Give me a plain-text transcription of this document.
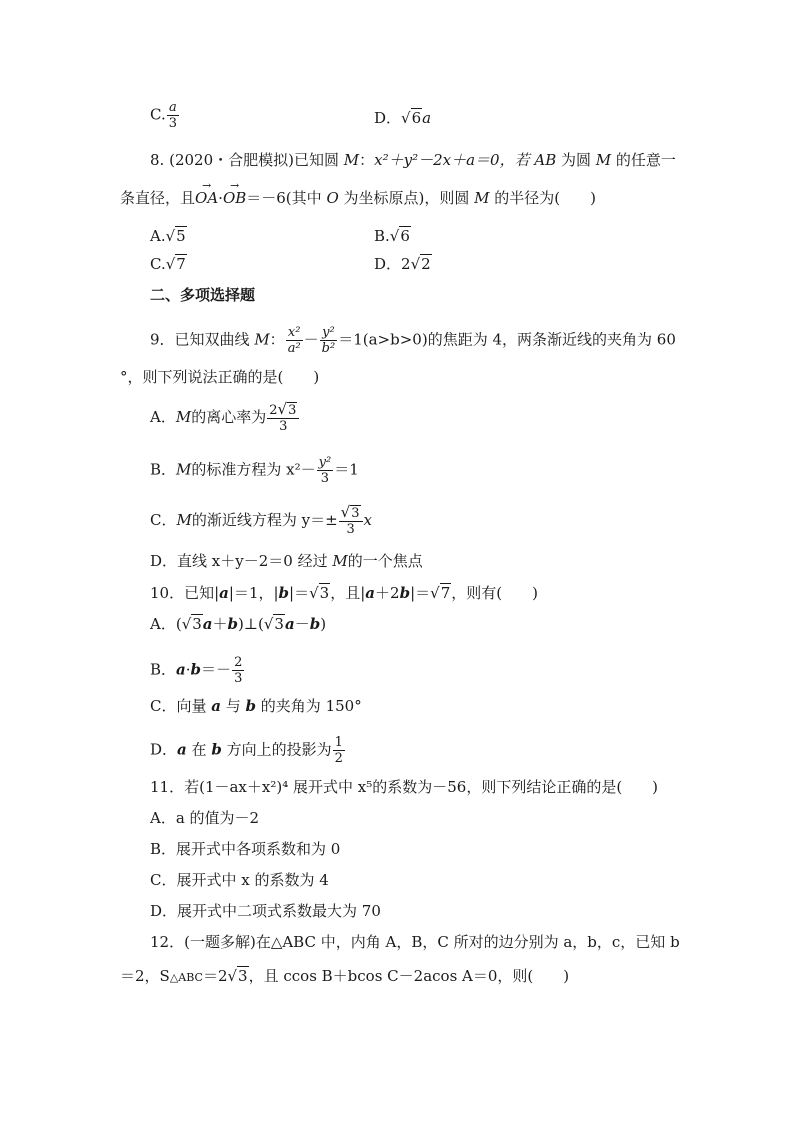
C. $\frac{a}{3}$	D．√6a
8. (2020・合肥模拟)已知圆 M：x²＋y²－2x＋a＝0，若 AB 为圆 M 的任意一
条直径，且→ OA·→ OB＝－6(其中 O 为坐标原点)，则圆 M 的半径为(　　)
A.√5	B.√6
C.√7	D．2√2
二、多项选择题
9．已知双曲线 M： $\frac{\text{x²}}{\text{a²}} - \frac{\text{y²}}{\text{b²}} =1(a>b>0)$的焦距为 4，两条渐近线的夹角为 60
°，则下列说法正确的是(　　)
A．M的离心率为 $\frac{2√3}{3}$
B．M的标准方程为 $x^2- \frac{\text{y²}}{3} =1$
C．M的渐近线方程为 $y=\pm \frac{√3}{3}$ x
D．直线 x＋y－2＝0 经过 M的一个焦点
10．已知|a|＝1，|b|＝√3，且|a＋2b|＝√7，则有(　　)
A．(√3a＋b)⊥(√3a－b)
B．$a\cdot b=- \frac{2}{3}$
C．向量 a 与 b 的夹角为 150°
D．a 在 b 方向上的投影为 $\frac{1}{2}$
11．若(1－ax＋x²)⁴ 展开式中 x⁵的系数为－56，则下列结论正确的是(　　)
A．a 的值为－2
B．展开式中各项系数和为 0
C．展开式中 x 的系数为 4
D．展开式中二项式系数最大为 70
12．(一题多解)在△ABC 中，内角 A，B，C 所对的边分别为 a，b，c，已知 b
＝2，S△ABC＝2√3，且 ccos B＋bcos C－2acos A＝0，则(　　)
